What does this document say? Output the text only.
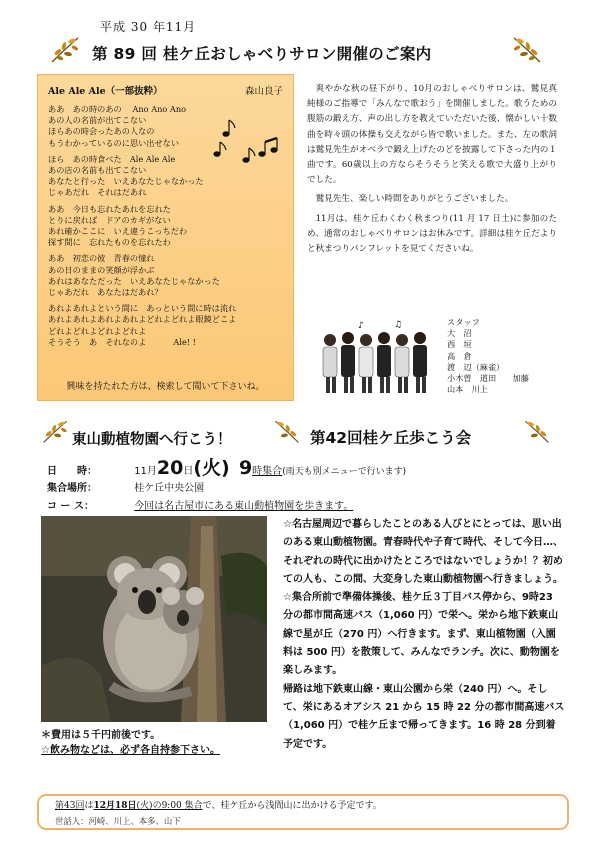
平成 30 年11月
第 89 回 桂ケ丘おしゃべりサロン開催のご案内
Ale Ale Ale（一部抜粋）	森山良子
ああ　あの時のあの　 Ano Ano Ano
あの人の名前が出てこない
ほらあの時会ったあの人なの
もうわかっているのに思い出せない
ほら　あの時食べた　Ale Ale Ale
あの店の名前も出てこない
あなたと行った　いえあなたじゃなかった
じゃあだれ　それはだあれ
ああ　今日も忘れたあれを忘れた
とりに戻れば　ドアのカギがない
あれ確かここに　いえ違うこっちだわ
探す間に　忘れたものを忘れたわ
ああ　初恋の彼　青春の憧れ
あの日のままの笑顔が浮かぶ
あれはあなただった　いえあなたじゃなかった
じゃあだれ　あなたはだあれ？
あれよあれよという間に　あっという間に時は流れ
あれよあれよあれよあれよどれよどれよ眼鏡どこよ
どれよどれよどれよどれよ
そうそう　あ　それなのよ　　　 Ale! !
興味を持たれた方は、検索して聞いて下さいね。

爽やかな秋の昼下がり、10月のおしゃべりサロンは、鷲見真純様のご指導で「みんなで歌おう」を開催しました。歌うための腹筋の鍛え方、声の出し方を教えていただいた後、懐かしい十数曲を時々頭の体操も交えながら皆で歌いました。また、左の歌詞は鷲見先生がオペラで鍛え上げたのどを披露して下さった内の１曲です。60歳以上の方ならそうそうと笑える歌で大盛り上がりでした。

鷲見先生、楽しい時間をありがとうございました。

11月は、桂ケ丘わくわく秋まつり(11 月 17 日土)に参加のため、通常のおしゃべりサロンはお休みです。詳細は桂ケ丘だよりと秋まつりパンフレットを見てくださいね。

♪	♫	スタッフ
大　沼
西　垣
高　倉
渡　辺（麻雀）
小木曽　道田　　加藤
山本　川上
東山動植物園へ行こう！	第42回桂ケ丘歩こう会
日　　時：	11月20日(火) 9時集合(雨天も別メニューで行います)
集合場所：	桂ケ丘中央公園
コ ー ス：	今回は名古屋市にある東山動植物園を歩きます。
＊費用は５千円前後です。
☆飲み物などは、必ず各自持参下さい。

☆名古屋周辺で暮らしたことのある人びとにとっては、思い出のある東山動植物園。青春時代や子育て時代、そして今日…、それぞれの時代に出かけたところではないでしょうか！？初めての人も、この間、大変身した東山動植物園へ行きましょう。

☆集合所前で準備体操後、桂ケ丘３丁目バス停から、9時23 分の都市間高速バス（1,060 円）で栄へ。栄から地下鉄東山線で星が丘（270 円）へ行きます。まず、東山植物園（入園料は 500 円）を散策して、みんなでランチ。次に、動物園を楽しみます。

帰路は地下鉄東山線・東山公園から栄（240 円）へ。そして、栄にあるオアシス 21 から 15 時 22 分の都市間高速バス（1,060 円）で桂ケ丘まで帰ってきます。16 時 28 分到着予定です。

第43回は12月18日(火)の9:00 集合で、桂ケ丘から浅間山に出かける予定です。
世話人：河崎、川上、本多、山下
